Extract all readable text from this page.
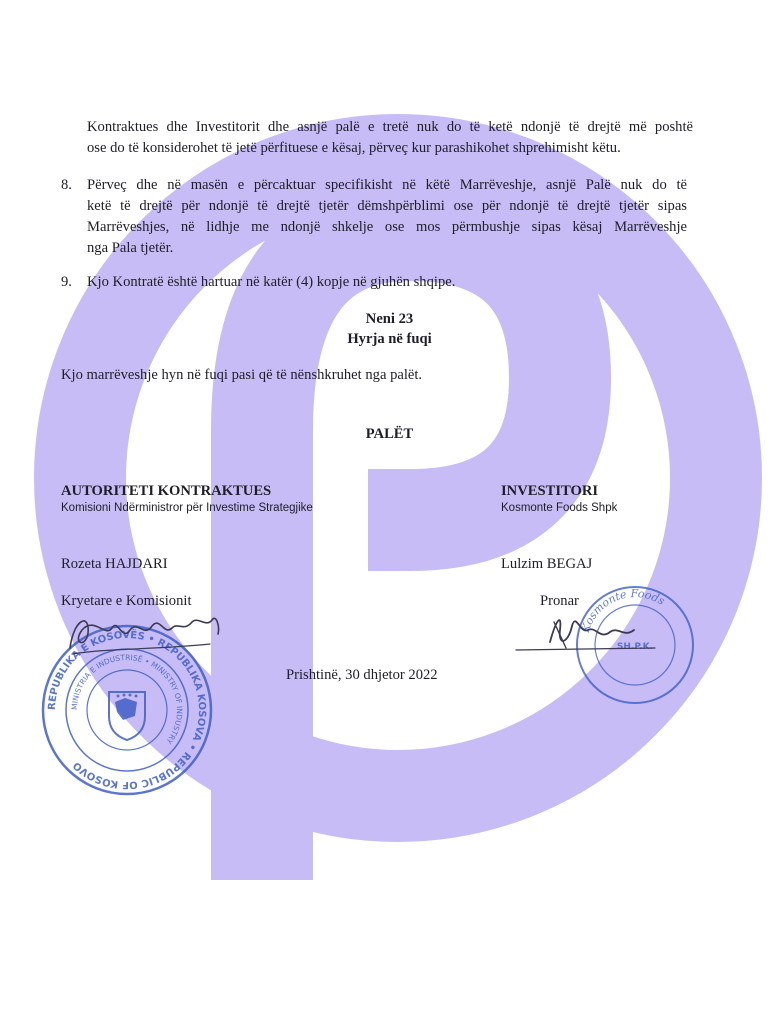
Kontraktues dhe Investitorit dhe asnjë palë e tretë nuk do të ketë ndonjë të drejtë më poshtë
ose do të konsiderohet të jetë përfituese e kësaj, përveç kur parashikohet shprehimisht këtu.
8. Përveç dhe në masën e përcaktuar specifikisht në këtë Marrëveshje, asnjë Palë nuk do të
ketë të drejtë për ndonjë të drejtë tjetër dëmshpërblimi ose për ndonjë të drejtë tjetër sipas
Marrëveshjes, në lidhje me ndonjë shkelje ose mos përmbushje sipas kësaj Marrëveshje
nga Pala tjetër.
9. Kjo Kontratë është hartuar në katër (4) kopje në gjuhën shqipe.
Neni 23
Hyrja në fuqi
Kjo marrëveshje hyn në fuqi pasi që të nënshkruhet nga palët.
PALËT
AUTORITETI KONTRAKTUES
Komisioni Ndërministror për Investime Strategjike
Rozeta HAJDARI
Kryetare e Komisionit
INVESTITORI
Kosmonte Foods Shpk
Lulzim BEGAJ
Pronar
Prishtinë, 30 dhjetor 2022
REPUBLIKA E KOSOVËS • REPUBLIKA KOSOVA • REPUBLIC OF KOSOVO
MINISTRIA E INDUSTRISË • MINISTRY OF INDUSTRY
Kosmonte Foods
SH.P.K.
